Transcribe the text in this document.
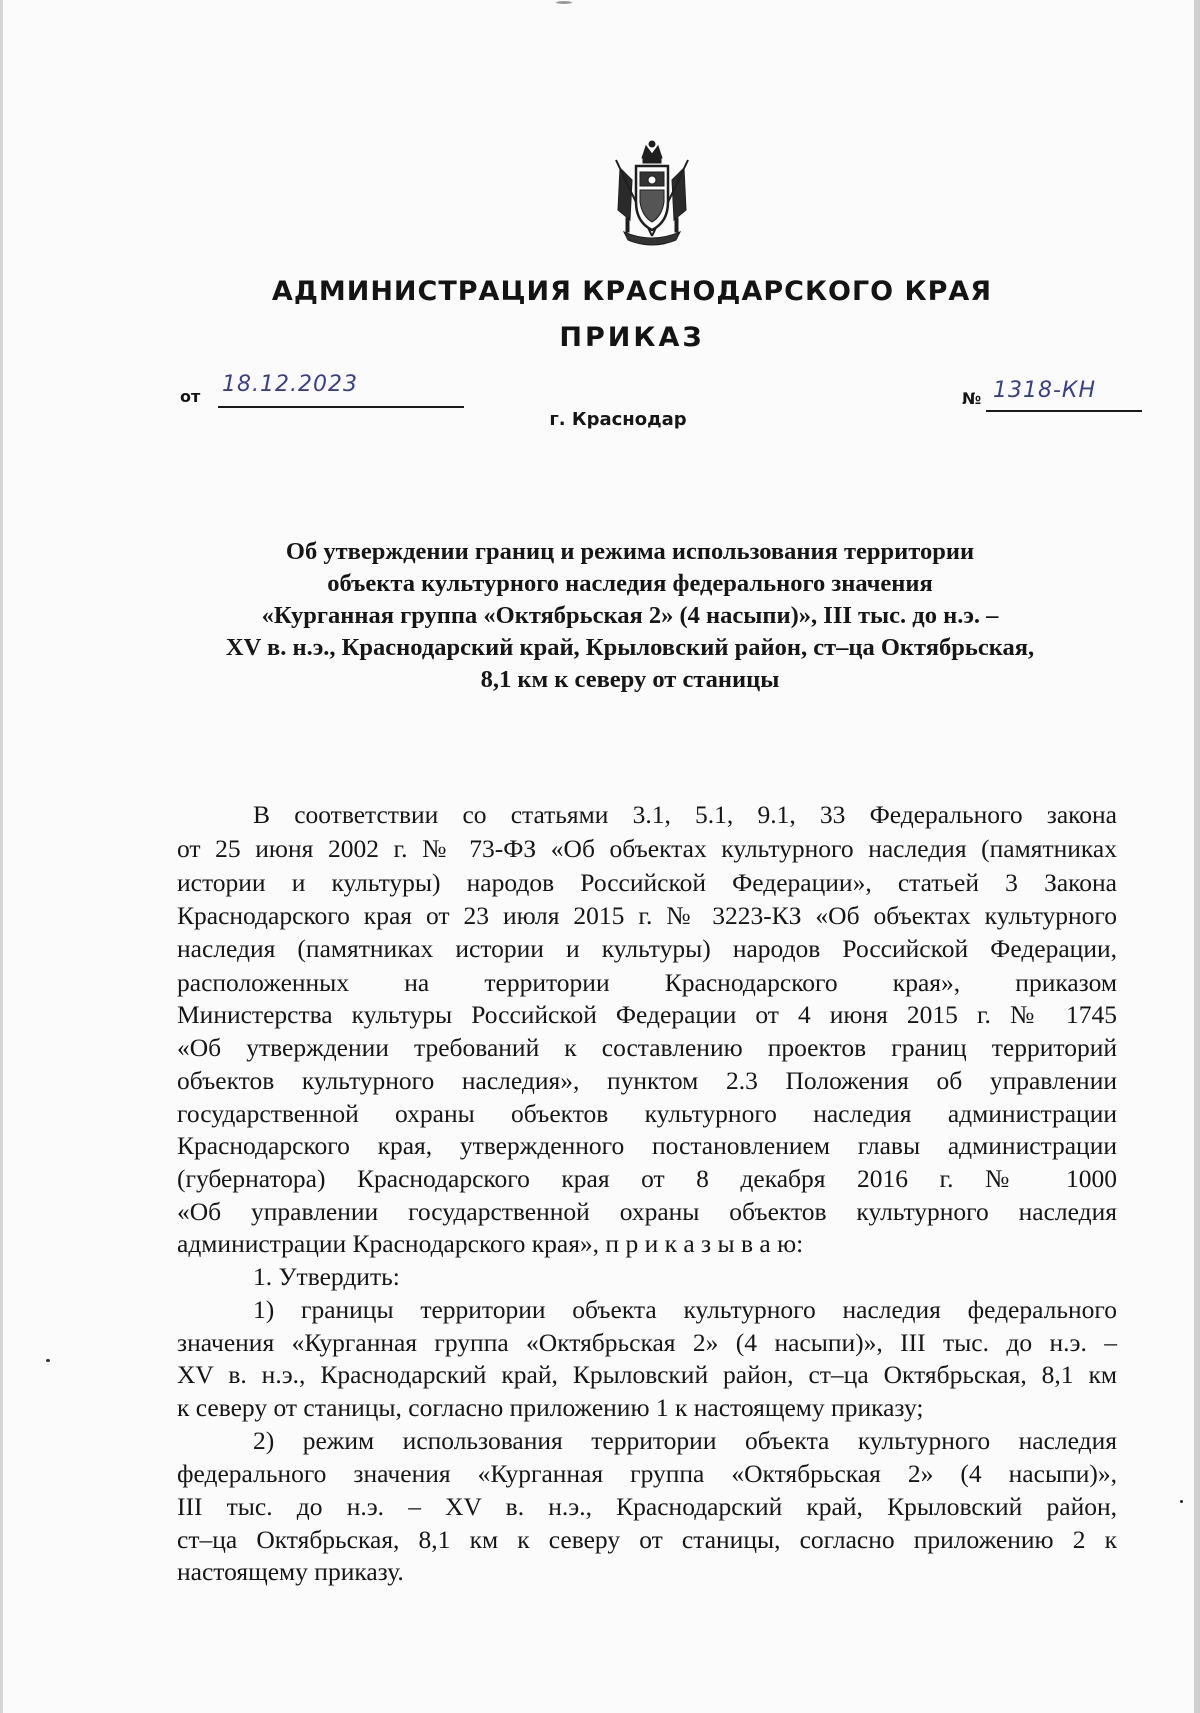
АДМИНИСТРАЦИЯ КРАСНОДАРСКОГО КРАЯ
ПРИКАЗ
от 18.12.2023
№ 1318-КН
г. Краснодар
Об утверждении границ и режима использования территории
объекта культурного наследия федерального значения
«Курганная группа «Октябрьская 2» (4 насыпи)», III тыс. до н.э. –
XV в. н.э., Краснодарский край, Крыловский район, ст–ца Октябрьская,
8,1 км к северу от станицы
В соответствии со статьями 3.1, 5.1, 9.1, 33 Федерального закона
от 25 июня 2002 г. № 73-ФЗ «Об объектах культурного наследия (памятниках
истории и культуры) народов Российской Федерации», статьей 3 Закона
Краснодарского края от 23 июля 2015 г. № 3223-КЗ «Об объектах культурного
наследия (памятниках истории и культуры) народов Российской Федерации,
расположенных на территории Краснодарского края», приказом
Министерства культуры Российской Федерации от 4 июня 2015 г. № 1745
«Об утверждении требований к составлению проектов границ территорий
объектов культурного наследия», пунктом 2.3 Положения об управлении
государственной охраны объектов культурного наследия администрации
Краснодарского края, утвержденного постановлением главы администрации
(губернатора) Краснодарского края от 8 декабря 2016 г. № 1000
«Об управлении государственной охраны объектов культурного наследия
администрации Краснодарского края», п р и к а з ы в а ю:
1. Утвердить:
1) границы территории объекта культурного наследия федерального
значения «Курганная группа «Октябрьская 2» (4 насыпи)», III тыс. до н.э. –
XV в. н.э., Краснодарский край, Крыловский район, ст–ца Октябрьская, 8,1 км
к северу от станицы, согласно приложению 1 к настоящему приказу;
2) режим использования территории объекта культурного наследия
федерального значения «Курганная группа «Октябрьская 2» (4 насыпи)»,
III тыс. до н.э. – XV в. н.э., Краснодарский край, Крыловский район,
ст–ца Октябрьская, 8,1 км к северу от станицы, согласно приложению 2 к
настоящему приказу.
